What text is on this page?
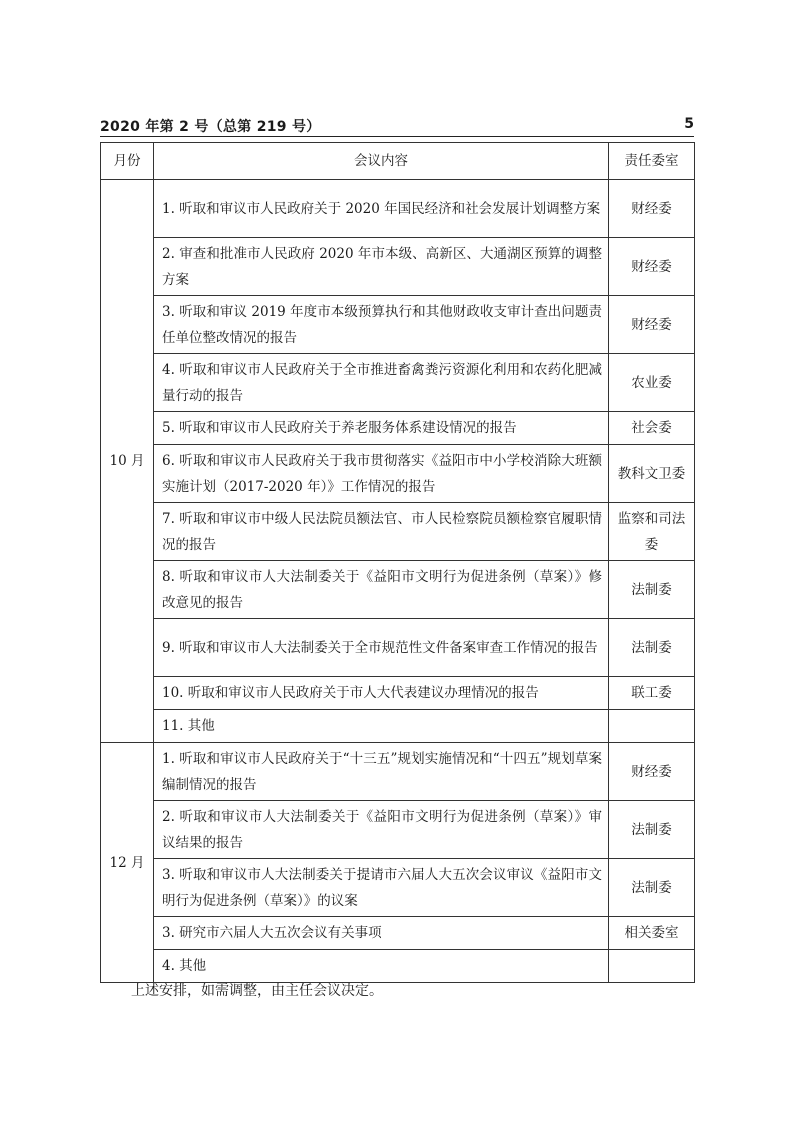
2020 年第 2 号（总第 219 号）	5
月份	会议内容	责任委室
10 月	1. 听取和审议市人民政府关于 2020 年国民经济和社会发展计划调整方案	财经委
	2. 审查和批准市人民政府 2020 年市本级、高新区、大通湖区预算的调整方案	财经委
	3. 听取和审议 2019 年度市本级预算执行和其他财政收支审计查出问题责任单位整改情况的报告	财经委
	4. 听取和审议市人民政府关于全市推进畜禽粪污资源化利用和农药化肥减量行动的报告	农业委
	5. 听取和审议市人民政府关于养老服务体系建设情况的报告	社会委
	6. 听取和审议市人民政府关于我市贯彻落实《益阳市中小学校消除大班额实施计划（2017-2020 年）》工作情况的报告	教科文卫委
	7. 听取和审议市中级人民法院员额法官、市人民检察院员额检察官履职情况的报告	监察和司法委
	8. 听取和审议市人大法制委关于《益阳市文明行为促进条例（草案）》修改意见的报告	法制委
	9. 听取和审议市人大法制委关于全市规范性文件备案审查工作情况的报告	法制委
	10. 听取和审议市人民政府关于市人大代表建议办理情况的报告	联工委
	11. 其他	
12 月	1. 听取和审议市人民政府关于“十三五”规划实施情况和“十四五”规划草案编制情况的报告	财经委
	2. 听取和审议市人大法制委关于《益阳市文明行为促进条例（草案）》审议结果的报告	法制委
	3. 听取和审议市人大法制委关于提请市六届人大五次会议审议《益阳市文明行为促进条例（草案）》的议案	法制委
	3. 研究市六届人大五次会议有关事项	相关委室
	4. 其他	
上述安排，如需调整，由主任会议决定。
